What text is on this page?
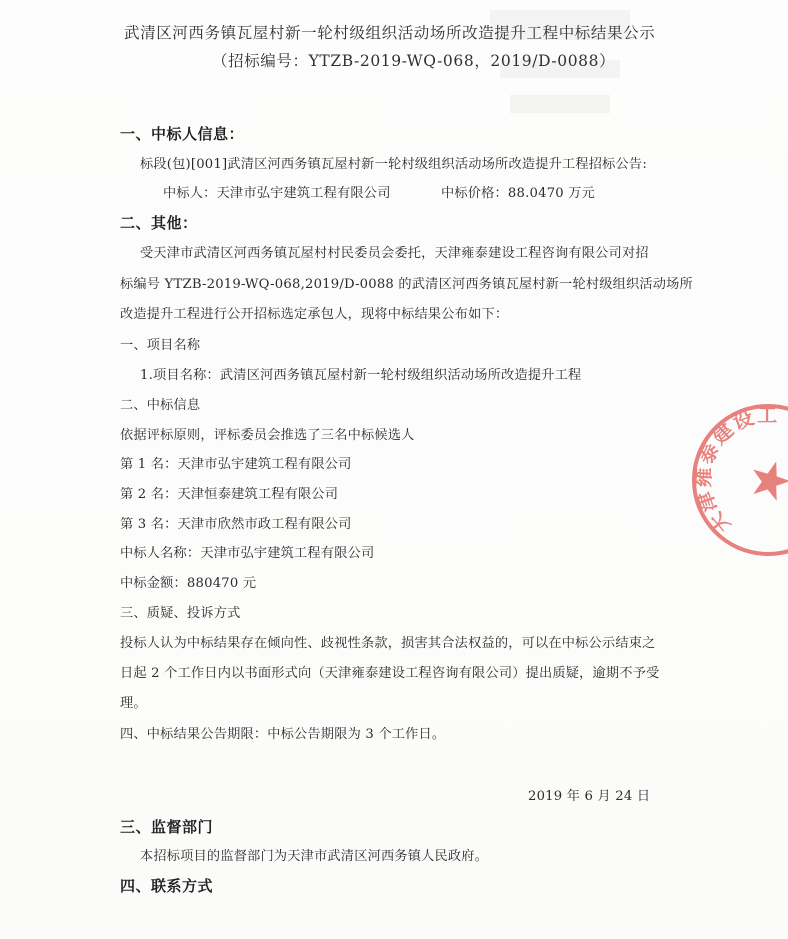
武清区河西务镇瓦屋村新一轮村级组织活动场所改造提升工程中标结果公示
（招标编号：YTZB-2019-WQ-068，2019/D-0088）
一、中标人信息：
标段(包)[001]武清区河西务镇瓦屋村新一轮村级组织活动场所改造提升工程招标公告:
中标人：天津市弘宇建筑工程有限公司	中标价格：88.0470 万元
二、其他：
受天津市武清区河西务镇瓦屋村村民委员会委托，天津雍泰建设工程咨询有限公司对招
标编号 YTZB-2019-WQ-068,2019/D-0088 的武清区河西务镇瓦屋村新一轮村级组织活动场所
改造提升工程进行公开招标选定承包人，现将中标结果公布如下：
一、项目名称
1.项目名称：武清区河西务镇瓦屋村新一轮村级组织活动场所改造提升工程
二、中标信息
依据评标原则，评标委员会推选了三名中标候选人
第 1 名：天津市弘宇建筑工程有限公司
第 2 名：天津恒泰建筑工程有限公司
第 3 名：天津市欣然市政工程有限公司
中标人名称：天津市弘宇建筑工程有限公司
中标金额：880470 元
三、质疑、投诉方式
投标人认为中标结果存在倾向性、歧视性条款，损害其合法权益的，可以在中标公示结束之
日起 2 个工作日内以书面形式向（天津雍泰建设工程咨询有限公司）提出质疑，逾期不予受
理。
四、中标结果公告期限：中标公告期限为 3 个工作日。
2019 年 6 月 24 日
三、监督部门
本招标项目的监督部门为天津市武清区河西务镇人民政府。
四、联系方式
天津雍泰建设工
